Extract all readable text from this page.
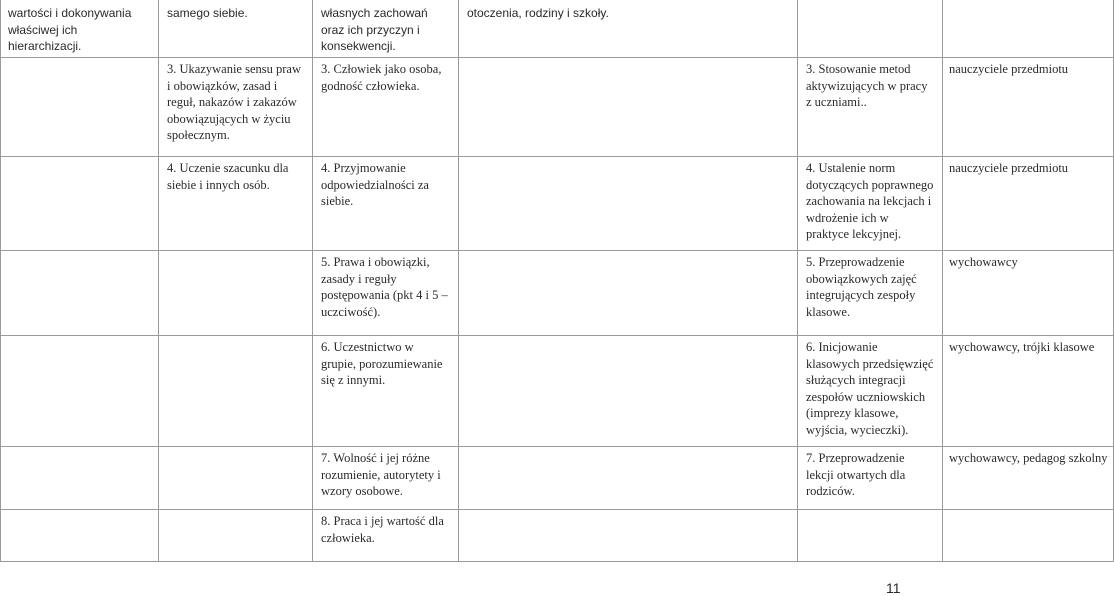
wartości i dokonywania właściwej ich hierarchizacji.	samego siebie.	własnych zachowań oraz ich przyczyn i konsekwencji.	otoczenia, rodziny i szkoły.		
	3. Ukazywanie sensu praw i obowiązków, zasad i reguł, nakazów i zakazów obowiązujących w życiu społecznym.	3. Człowiek jako osoba, godność człowieka.		3. Stosowanie metod aktywizujących w pracy z uczniami..	nauczyciele przedmiotu
	4. Uczenie szacunku dla siebie i innych osób.	4. Przyjmowanie odpowiedzialności za siebie.		4. Ustalenie norm dotyczących poprawnego zachowania na lekcjach i wdrożenie ich w praktyce lekcyjnej.	nauczyciele przedmiotu
		5. Prawa i obowiązki, zasady i reguły postępowania (pkt 4 i 5 – uczciwość).		5. Przeprowadzenie obowiązkowych zajęć integrujących zespoły klasowe.	wychowawcy
		6. Uczestnictwo w grupie, porozumiewanie się z innymi.		6. Inicjowanie klasowych przedsięwzięć służących integracji zespołów uczniowskich (imprezy klasowe, wyjścia, wycieczki).	wychowawcy, trójki klasowe
		7. Wolność i jej różne rozumienie, autorytety i wzory osobowe.		7. Przeprowadzenie lekcji otwartych dla rodziców.	wychowawcy, pedagog szkolny
		8. Praca i jej wartość dla człowieka.			
11
